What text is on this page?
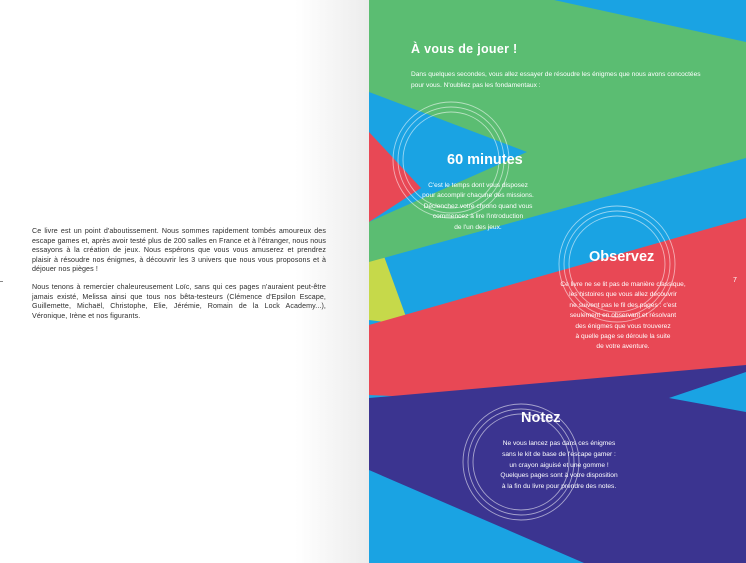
Ce livre est un point d'aboutissement. Nous sommes rapidement tombés amoureux des escape games et, après avoir testé plus de 200 salles en France et à l'étranger, nous nous essayons à la création de jeux. Nous espérons que vous vous amuserez et prendrez plaisir à résoudre nos énigmes, à découvrir les 3 univers que nous vous proposons et à déjouer nos pièges !

Nous tenons à remercier chaleureusement Loïc, sans qui ces pages n'auraient peut-être jamais existé, Melissa ainsi que tous nos bêta-testeurs (Clémence d'Epsilon Escape, Guillemette, Michaël, Christophe, Elie, Jérémie, Romain de la Lock Academy...), Véronique, Irène et nos figurants.

À vous de jouer !
Dans quelques secondes, vous allez essayer de résoudre les énigmes que nous avons concoctées pour vous. N'oubliez pas les fondamentaux :
60 minutes
C'est le temps dont vous disposez
pour accomplir chacune des missions.
Déclenchez votre chrono quand vous
commencez à lire l'introduction
de l'un des jeux.
Observez
Ce livre ne se lit pas de manière classique,
les histoires que vous allez découvrir
ne suivent pas le fil des pages : c'est
seulement en observant et résolvant
des énigmes que vous trouverez
à quelle page se déroule la suite
de votre aventure.
Notez
Ne vous lancez pas dans ces énigmes
sans le kit de base de l'escape gamer :
un crayon aiguisé et une gomme !
Quelques pages sont à votre disposition
à la fin du livre pour prendre des notes.
7
